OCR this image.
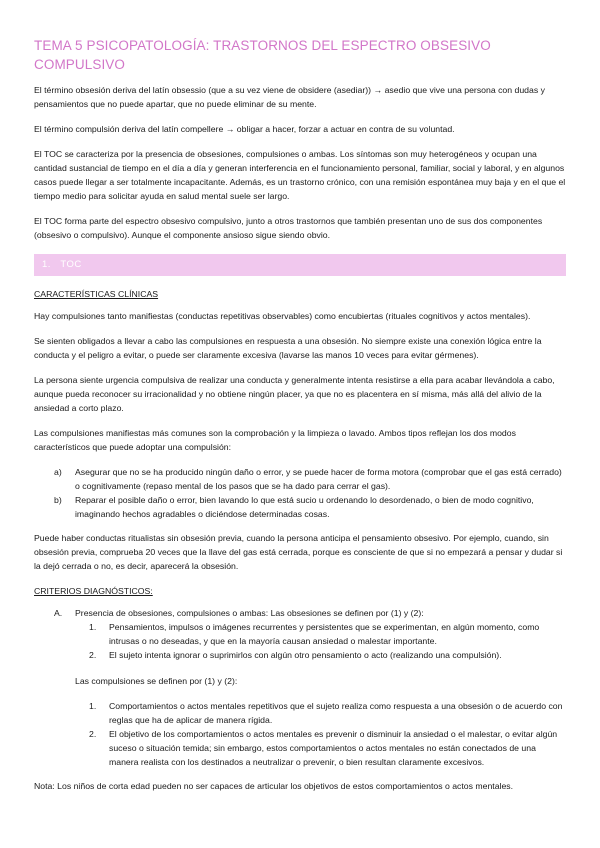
TEMA 5 PSICOPATOLOGÍA: TRASTORNOS DEL ESPECTRO OBSESIVO COMPULSIVO

El término obsesión deriva del latín obsessio (que a su vez viene de obsidere (asediar)) → asedio que vive una persona con dudas y pensamientos que no puede apartar, que no puede eliminar de su mente.

El término compulsión deriva del latín compellere → obligar a hacer, forzar a actuar en contra de su voluntad.

El TOC se caracteriza por la presencia de obsesiones, compulsiones o ambas. Los síntomas son muy heterogéneos y ocupan una cantidad sustancial de tiempo en el día a día y generan interferencia en el funcionamiento personal, familiar, social y laboral, y en algunos casos puede llegar a ser totalmente incapacitante. Además, es un trastorno crónico, con una remisión espontánea muy baja y en el que el tiempo medio para solicitar ayuda en salud mental suele ser largo.

El TOC forma parte del espectro obsesivo compulsivo, junto a otros trastornos que también presentan uno de sus dos componentes (obsesivo o compulsivo). Aunque el componente ansioso sigue siendo obvio.

1. TOC
CARACTERÍSTICAS CLÍNICAS

Hay compulsiones tanto manifiestas (conductas repetitivas observables) como encubiertas (rituales cognitivos y actos mentales).

Se sienten obligados a llevar a cabo las compulsiones en respuesta a una obsesión. No siempre existe una conexión lógica entre la conducta y el peligro a evitar, o puede ser claramente excesiva (lavarse las manos 10 veces para evitar gérmenes).

La persona siente urgencia compulsiva de realizar una conducta y generalmente intenta resistirse a ella para acabar llevándola a cabo, aunque pueda reconocer su irracionalidad y no obtiene ningún placer, ya que no es placentera en sí misma, más allá del alivio de la ansiedad a corto plazo.

Las compulsiones manifiestas más comunes son la comprobación y la limpieza o lavado. Ambos tipos reflejan los dos modos característicos que puede adoptar una compulsión:

a)	Asegurar que no se ha producido ningún daño o error, y se puede hacer de forma motora (comprobar que el gas está cerrado) o cognitivamente (repaso mental de los pasos que se ha dado para cerrar el gas).
b)	Reparar el posible daño o error, bien lavando lo que está sucio u ordenando lo desordenado, o bien de modo cognitivo, imaginando hechos agradables o diciéndose determinadas cosas.

Puede haber conductas ritualistas sin obsesión previa, cuando la persona anticipa el pensamiento obsesivo. Por ejemplo, cuando, sin obsesión previa, comprueba 20 veces que la llave del gas está cerrada, porque es consciente de que si no empezará a pensar y dudar si la dejó cerrada o no, es decir, aparecerá la obsesión.

CRITERIOS DIAGNÓSTICOS:
A.	Presencia de obsesiones, compulsiones o ambas: Las obsesiones se definen por (1) y (2):
1.	Pensamientos, impulsos o imágenes recurrentes y persistentes que se experimentan, en algún momento, como intrusas o no deseadas, y que en la mayoría causan ansiedad o malestar importante.
2.	El sujeto intenta ignorar o suprimirlos con algún otro pensamiento o acto (realizando una compulsión).
Las compulsiones se definen por (1) y (2):
1.	Comportamientos o actos mentales repetitivos que el sujeto realiza como respuesta a una obsesión o de acuerdo con reglas que ha de aplicar de manera rígida.
2.	El objetivo de los comportamientos o actos mentales es prevenir o disminuir la ansiedad o el malestar, o evitar algún suceso o situación temida; sin embargo, estos comportamientos o actos mentales no están conectados de una manera realista con los destinados a neutralizar o prevenir, o bien resultan claramente excesivos.

Nota: Los niños de corta edad pueden no ser capaces de articular los objetivos de estos comportamientos o actos mentales.
